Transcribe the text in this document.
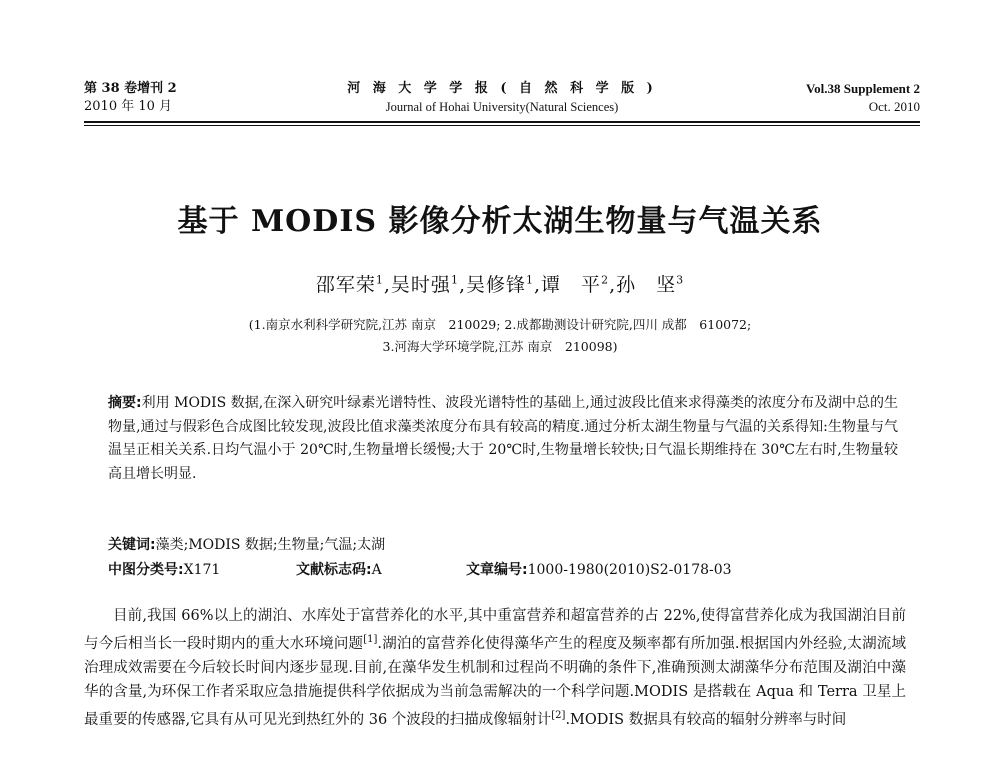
第 38 卷增刊 2
2010 年 10 月
河 海 大 学 学 报 ( 自 然 科 学 版 )
Journal of Hohai University(Natural Sciences)
Vol.38 Supplement 2
Oct. 2010
基于 MODIS 影像分析太湖生物量与气温关系
邵军荣$^1$,吴时强$^1$,吴修锋$^1$,谭　平$^2$,孙　坚$^3$
(1.南京水利科学研究院,江苏 南京　210029; 2.成都勘测设计研究院,四川 成都　610072;
3.河海大学环境学院,江苏 南京　210098)
摘要:利用 MODIS 数据,在深入研究叶绿素光谱特性、波段光谱特性的基础上,通过波段比值来求得藻类的浓度分布及湖中总的生物量,通过与假彩色合成图比较发现,波段比值求藻类浓度分布具有较高的精度.通过分析太湖生物量与气温的关系得知:生物量与气温呈正相关关系.日均气温小于 20℃时,生物量增长缓慢;大于 20℃时,生物量增长较快;日气温长期维持在 30℃左右时,生物量较高且增长明显.
关键词:藻类;MODIS 数据;生物量;气温;太湖
中图分类号:X171	文献标志码:A	文章编号:1000-1980(2010)S2-0178-03
目前,我国 66%以上的湖泊、水库处于富营养化的水平,其中重富营养和超富营养的占 22%,使得富营养化成为我国湖泊目前与今后相当长一段时期内的重大水环境问题[1].湖泊的富营养化使得藻华产生的程度及频率都有所加强.根据国内外经验,太湖流域治理成效需要在今后较长时间内逐步显现.目前,在藻华发生机制和过程尚不明确的条件下,准确预测太湖藻华分布范围及湖泊中藻华的含量,为环保工作者采取应急措施提供科学依据成为当前急需解决的一个科学问题.MODIS 是搭载在 Aqua 和 Terra 卫星上最重要的传感器,它具有从可见光到热红外的 36 个波段的扫描成像辐射计[2].MODIS 数据具有较高的辐射分辨率与时间
